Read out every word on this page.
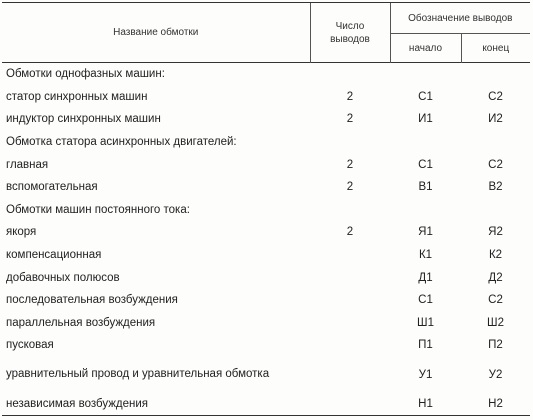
Название обмотки	Число выводов	Обозначение выводов	
		начало	конец

Обмотки однофазных машин:			
статор синхронных машин	2	С1	С2
индуктор синхронных машин	2	И1	И2
Обмотка статора асинхронных двигателей:			
главная	2	С1	С2
вспомогательная	2	В1	В2
Обмотки машин постоянного тока:			
якоря	2	Я1	Я2
компенсационная		К1	К2
добавочных полюсов		Д1	Д2
последовательная возбуждения		С1	С2
параллельная возбуждения		Ш1	Ш2
пусковая		П1	П2
уравнительный провод и уравнительная обмотка		У1	У2
независимая возбуждения		Н1	Н2
